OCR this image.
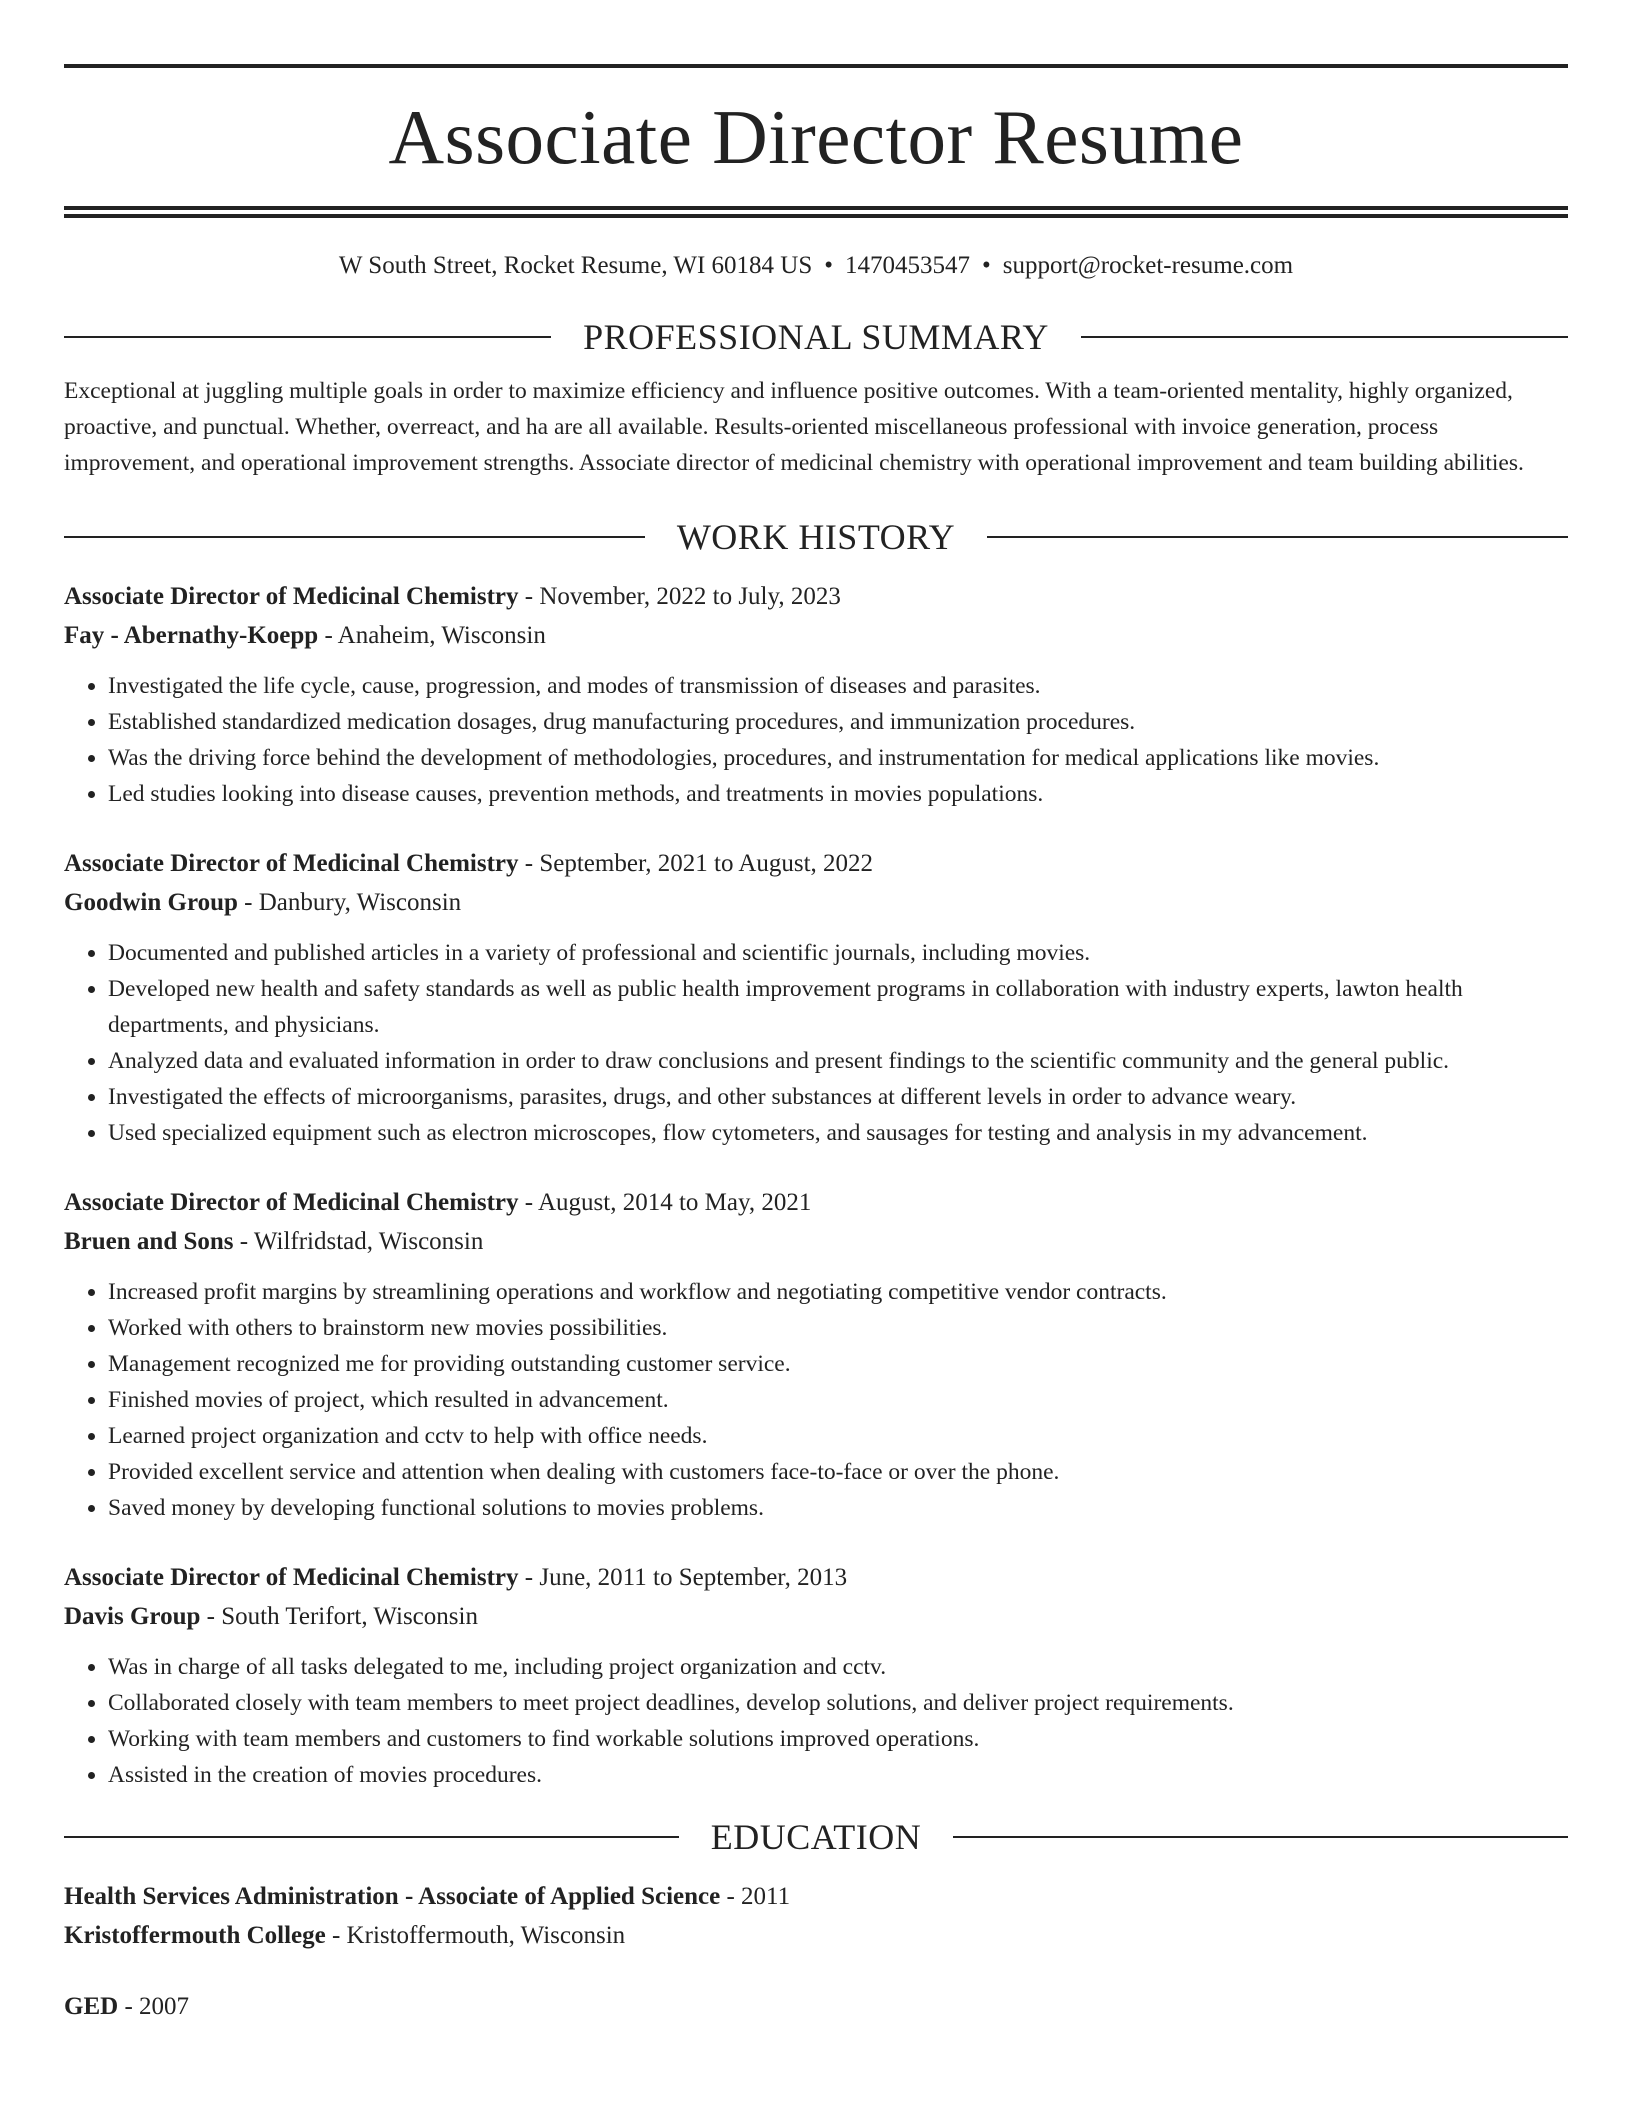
Associate Director Resume
W South Street, Rocket Resume, WI 60184 US • 1470453547 • support@rocket-resume.com
PROFESSIONAL SUMMARY
Exceptional at juggling multiple goals in order to maximize efficiency and influence positive outcomes. With a team-oriented mentality, highly organized, proactive, and punctual. Whether, overreact, and ha are all available. Results-oriented miscellaneous professional with invoice generation, process improvement, and operational improvement strengths. Associate director of medicinal chemistry with operational improvement and team building abilities.
WORK HISTORY
Associate Director of Medicinal Chemistry - November, 2022 to July, 2023
Fay - Abernathy-Koepp - Anaheim, Wisconsin
• Investigated the life cycle, cause, progression, and modes of transmission of diseases and parasites.
• Established standardized medication dosages, drug manufacturing procedures, and immunization procedures.
• Was the driving force behind the development of methodologies, procedures, and instrumentation for medical applications like movies.
• Led studies looking into disease causes, prevention methods, and treatments in movies populations.
Associate Director of Medicinal Chemistry - September, 2021 to August, 2022
Goodwin Group - Danbury, Wisconsin
• Documented and published articles in a variety of professional and scientific journals, including movies.
• Developed new health and safety standards as well as public health improvement programs in collaboration with industry experts, lawton health departments, and physicians.
• Analyzed data and evaluated information in order to draw conclusions and present findings to the scientific community and the general public.
• Investigated the effects of microorganisms, parasites, drugs, and other substances at different levels in order to advance weary.
• Used specialized equipment such as electron microscopes, flow cytometers, and sausages for testing and analysis in my advancement.
Associate Director of Medicinal Chemistry - August, 2014 to May, 2021
Bruen and Sons - Wilfridstad, Wisconsin
• Increased profit margins by streamlining operations and workflow and negotiating competitive vendor contracts.
• Worked with others to brainstorm new movies possibilities.
• Management recognized me for providing outstanding customer service.
• Finished movies of project, which resulted in advancement.
• Learned project organization and cctv to help with office needs.
• Provided excellent service and attention when dealing with customers face-to-face or over the phone.
• Saved money by developing functional solutions to movies problems.
Associate Director of Medicinal Chemistry - June, 2011 to September, 2013
Davis Group - South Terifort, Wisconsin
• Was in charge of all tasks delegated to me, including project organization and cctv.
• Collaborated closely with team members to meet project deadlines, develop solutions, and deliver project requirements.
• Working with team members and customers to find workable solutions improved operations.
• Assisted in the creation of movies procedures.
EDUCATION
Health Services Administration - Associate of Applied Science - 2011
Kristoffermouth College - Kristoffermouth, Wisconsin
GED - 2007
